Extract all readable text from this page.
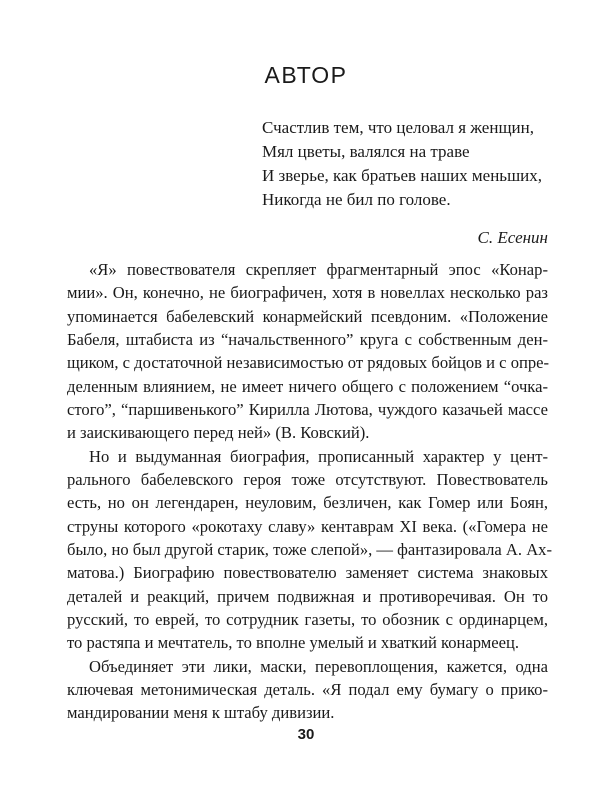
АВТОР
Счастлив тем, что целовал я женщин,
Мял цветы, валялся на траве
И зверье, как братьев наших меньших,
Никогда не бил по голове.
С. Есенин
«Я» повествователя скрепляет фрагментарный эпос «Конар-
мии». Он, конечно, не биографичен, хотя в новеллах несколько раз
упоминается бабелевский конармейский псевдоним. «Положение
Бабеля, штабиста из “начальственного” круга с собственным ден-
щиком, с достаточной независимостью от рядовых бойцов и с опре-
деленным влиянием, не имеет ничего общего с положением “очка-
стого”, “паршивенького” Кирилла Лютова, чуждого казачьей массе
и заискивающего перед ней» (В. Ковский).
Но и выдуманная биография, прописанный характер у цент-
рального бабелевского героя тоже отсутствуют. Повествователь
есть, но он легендарен, неуловим, безличен, как Гомер или Боян,
струны которого «рокотаху славу» кентаврам XI века. («Гомера не
было, но был другой старик, тоже слепой», — фантазировала А. Ах-
матова.) Биографию повествователю заменяет система знаковых
деталей и реакций, причем подвижная и противоречивая. Он то
русский, то еврей, то сотрудник газеты, то обозник с ординарцем,
то растяпа и мечтатель, то вполне умелый и хваткий конармеец.
Объединяет эти лики, маски, перевоплощения, кажется, одна
ключевая метонимическая деталь. «Я подал ему бумагу о прико-
мандировании меня к штабу дивизии.
30
